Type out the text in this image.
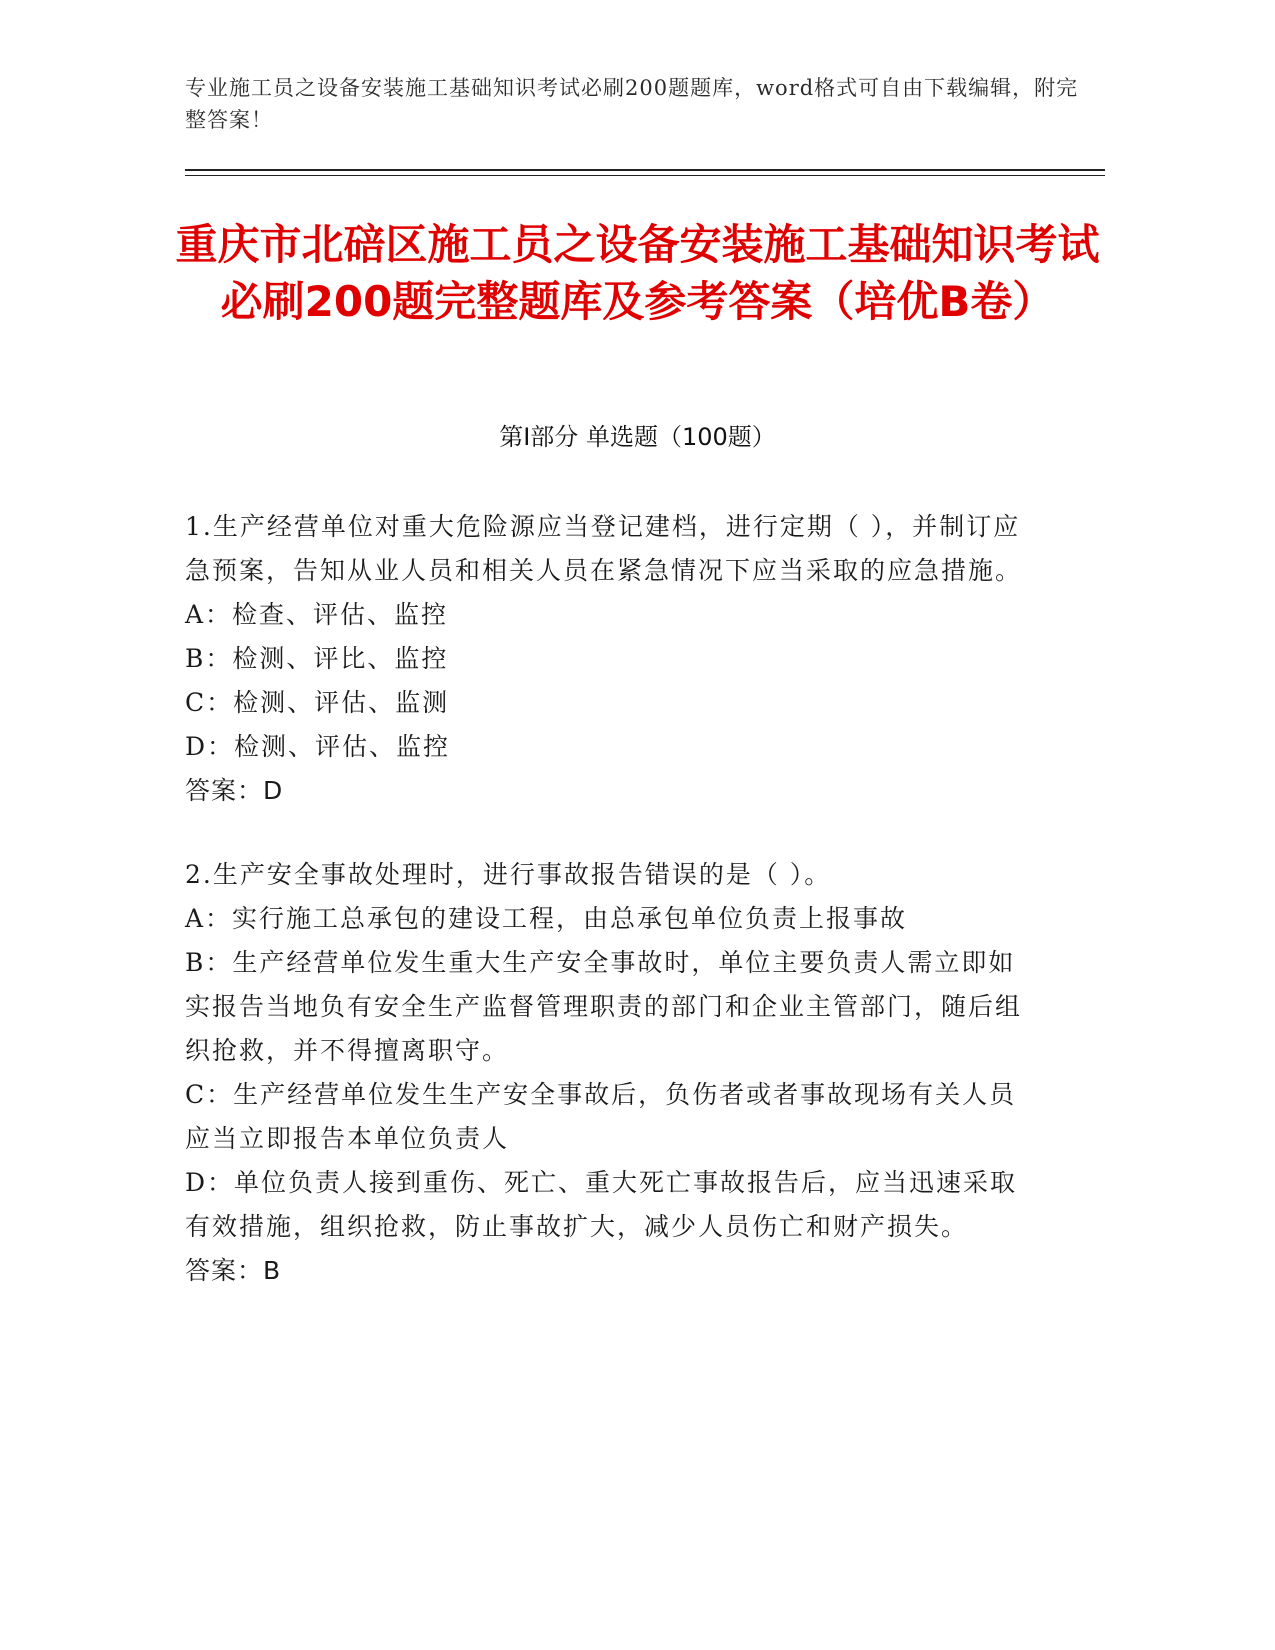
专业施工员之设备安装施工基础知识考试必刷200题题库，word格式可自由下载编辑，附完整答案！
重庆市北碚区施工员之设备安装施工基础知识考试必刷200题完整题库及参考答案（培优B卷）
第Ⅰ部分 单选题（100题）

1.生产经营单位对重大危险源应当登记建档，进行定期（ ），并制订应急预案，告知从业人员和相关人员在紧急情况下应当采取的应急措施。

A：检查、评估、监控

B：检测、评比、监控

C：检测、评估、监测

D：检测、评估、监控

答案：D

2.生产安全事故处理时，进行事故报告错误的是（ ）。

A：实行施工总承包的建设工程，由总承包单位负责上报事故

B：生产经营单位发生重大生产安全事故时，单位主要负责人需立即如实报告当地负有安全生产监督管理职责的部门和企业主管部门，随后组织抢救，并不得擅离职守。

C：生产经营单位发生生产安全事故后，负伤者或者事故现场有关人员应当立即报告本单位负责人

D：单位负责人接到重伤、死亡、重大死亡事故报告后，应当迅速采取有效措施，组织抢救，防止事故扩大，减少人员伤亡和财产损失。

答案：B
